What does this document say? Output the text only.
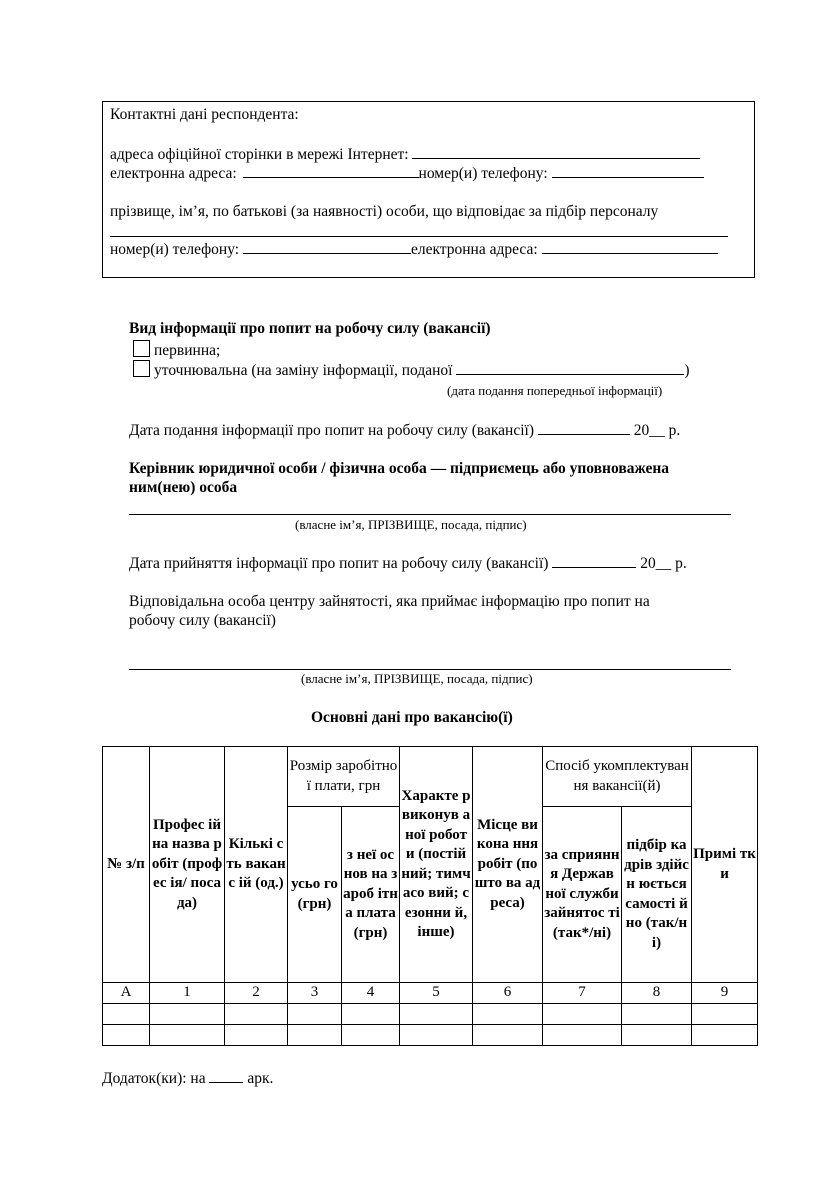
Контактні дані респондента:
адреса офіційної сторінки в мережі Інтернет:
електронна адреса:	номер(и) телефону:
прізвище, ім’я, по батькові (за наявності) особи, що відповідає за підбір персоналу
номер(и) телефону:	електронна адреса:
Вид інформації про попит на робочу силу (вакансії)
первинна;
уточнювальна (на заміну інформації, поданої	)
(дата подання попередньої інформації)
Дата подання інформації про попит на робочу силу (вакансії)	20__ р.
Керівник юридичної особи / фізична особа — підприємець або уповноважена
ним(нею) особа
(власне ім’я, ПРІЗВИЩЕ, посада, підпис)
Дата прийняття інформації про попит на робочу силу (вакансії)	20__ р.
Відповідальна особа центру зайнятості, яка приймає інформацію про попит на
робочу силу (вакансії)
(власне ім’я, ПРІЗВИЩЕ, посада, підпис)
Основні дані про вакансію(ї)
№ з/п	Профес ійна назва робіт (профес ія/ посада)	Кількі сть ваканс ій (од.)	Розмір заробітної плати, грн		Характе р виконув аної роботи (постій ний; тимчасо вий; сезонни й, інше)	Місце викона ння робіт (пошто ва адреса)	Спосіб укомплектування вакансії(й)		Примі тки
			усьо го (грн)	з неї основ на зароб ітна плата (грн)			за сприяння Держав ної служби зайнятос ті (так*/ні)	підбір кадрів здійсн юється самості йно (так/ні)	
А	1	2	3	4	5	6	7	8	9

Додаток(ки): на	арк.
